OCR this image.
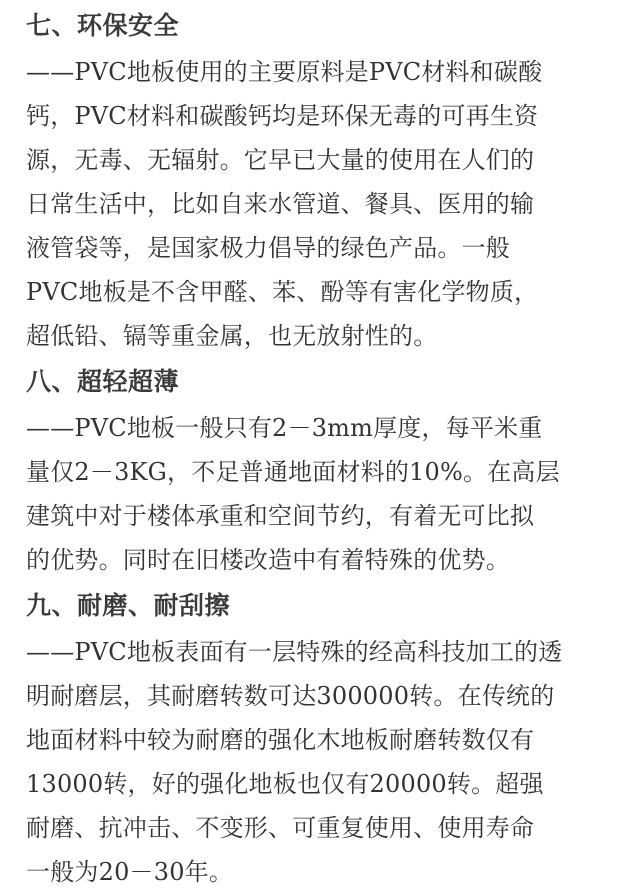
七、环保安全

——PVC地板使用的主要原料是PVC材料和碳酸
钙，PVC材料和碳酸钙均是环保无毒的可再生资
源，无毒、无辐射。它早已大量的使用在人们的
日常生活中，比如自来水管道、餐具、医用的输
液管袋等，是国家极力倡导的绿色产品。一般
PVC地板是不含甲醛、苯、酚等有害化学物质，
超低铅、镉等重金属，也无放射性的。

八、超轻超薄

——PVC地板一般只有2－3mm厚度，每平米重
量仅2－3KG，不足普通地面材料的10%。在高层
建筑中对于楼体承重和空间节约，有着无可比拟
的优势。同时在旧楼改造中有着特殊的优势。

九、耐磨、耐刮擦

——PVC地板表面有一层特殊的经高科技加工的透
明耐磨层，其耐磨转数可达300000转。在传统的
地面材料中较为耐磨的强化木地板耐磨转数仅有
13000转，好的强化地板也仅有20000转。超强
耐磨、抗冲击、不变形、可重复使用、使用寿命
一般为20－30年。
